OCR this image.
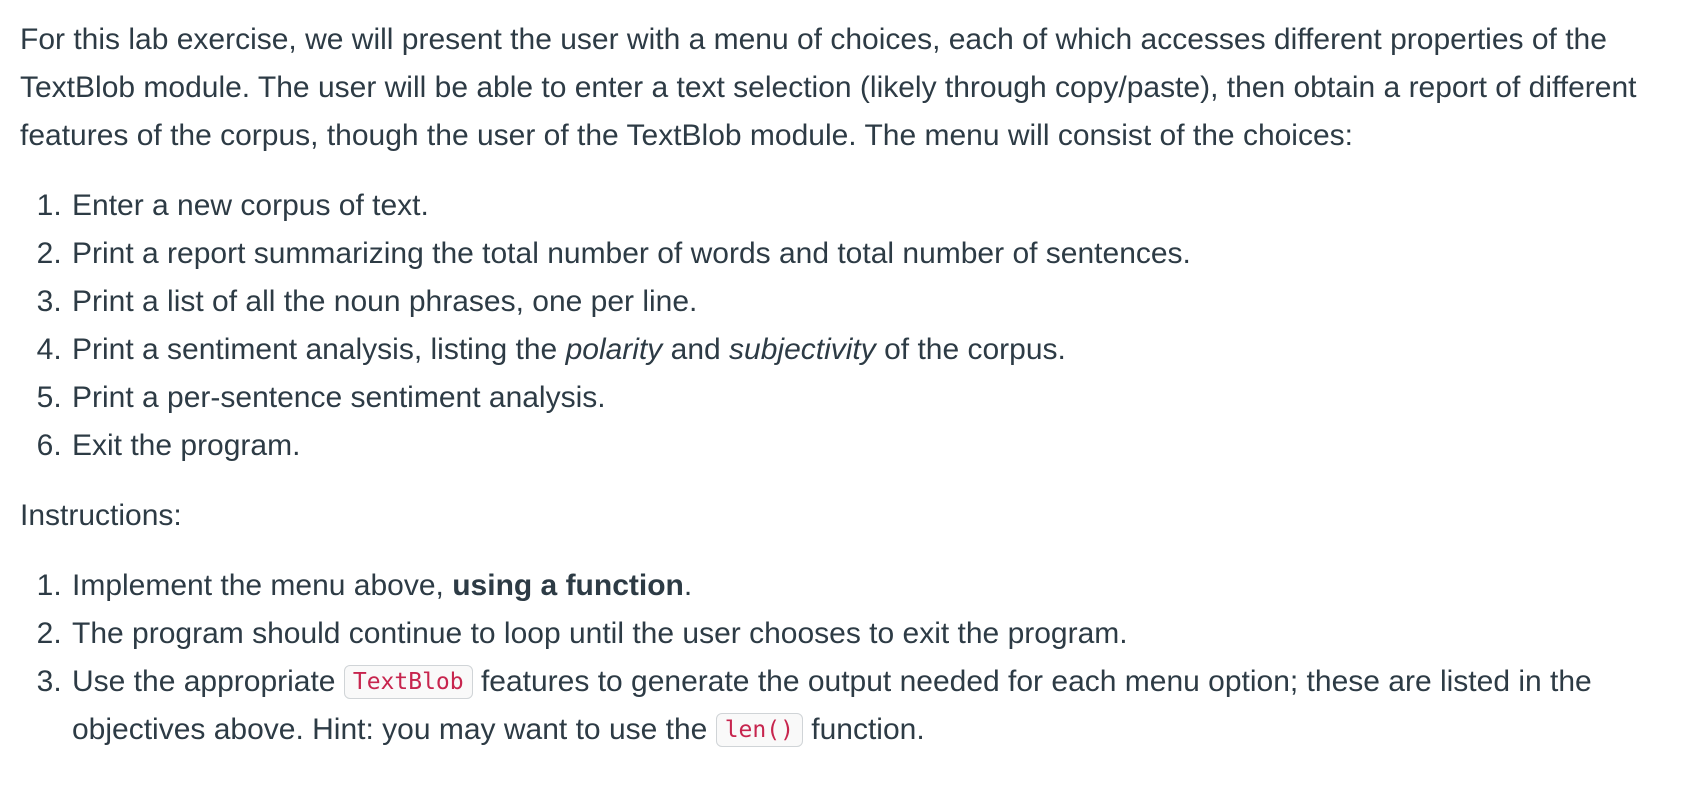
For this lab exercise, we will present the user with a menu of choices, each of which accesses different properties of the TextBlob module. The user will be able to enter a text selection (likely through copy/paste), then obtain a report of different features of the corpus, though the user of the TextBlob module. The menu will consist of the choices:

1. Enter a new corpus of text.
2. Print a report summarizing the total number of words and total number of sentences.
3. Print a list of all the noun phrases, one per line.
4. Print a sentiment analysis, listing the polarity and subjectivity of the corpus.
5. Print a per-sentence sentiment analysis.
6. Exit the program.

Instructions:

1. Implement the menu above, using a function.
2. The program should continue to loop until the user chooses to exit the program.
3. Use the appropriate TextBlob features to generate the output needed for each menu option; these are listed in the objectives above. Hint: you may want to use the len() function.
